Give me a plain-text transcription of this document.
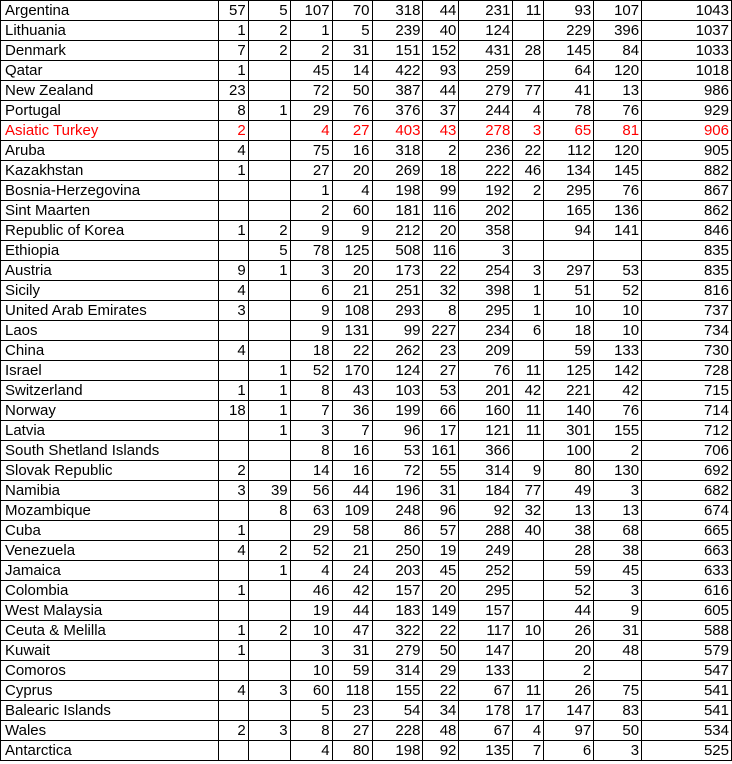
Argentina	57	5	107	70	318	44	231	11	93	107	1043
Lithuania	1	2	1	5	239	40	124		229	396	1037
Denmark	7	2	2	31	151	152	431	28	145	84	1033
Qatar	1		45	14	422	93	259		64	120	1018
New Zealand	23		72	50	387	44	279	77	41	13	986
Portugal	8	1	29	76	376	37	244	4	78	76	929
Asiatic Turkey	2		4	27	403	43	278	3	65	81	906
Aruba	4		75	16	318	2	236	22	112	120	905
Kazakhstan	1		27	20	269	18	222	46	134	145	882
Bosnia-Herzegovina			1	4	198	99	192	2	295	76	867
Sint Maarten			2	60	181	116	202		165	136	862
Republic of Korea	1	2	9	9	212	20	358		94	141	846
Ethiopia		5	78	125	508	116	3				835
Austria	9	1	3	20	173	22	254	3	297	53	835
Sicily	4		6	21	251	32	398	1	51	52	816
United Arab Emirates	3		9	108	293	8	295	1	10	10	737
Laos			9	131	99	227	234	6	18	10	734
China	4		18	22	262	23	209		59	133	730
Israel		1	52	170	124	27	76	11	125	142	728
Switzerland	1	1	8	43	103	53	201	42	221	42	715
Norway	18	1	7	36	199	66	160	11	140	76	714
Latvia		1	3	7	96	17	121	11	301	155	712
South Shetland Islands			8	16	53	161	366		100	2	706
Slovak Republic	2		14	16	72	55	314	9	80	130	692
Namibia	3	39	56	44	196	31	184	77	49	3	682
Mozambique		8	63	109	248	96	92	32	13	13	674
Cuba	1		29	58	86	57	288	40	38	68	665
Venezuela	4	2	52	21	250	19	249		28	38	663
Jamaica		1	4	24	203	45	252		59	45	633
Colombia	1		46	42	157	20	295		52	3	616
West Malaysia			19	44	183	149	157		44	9	605
Ceuta & Melilla	1	2	10	47	322	22	117	10	26	31	588
Kuwait	1		3	31	279	50	147		20	48	579
Comoros			10	59	314	29	133		2		547
Cyprus	4	3	60	118	155	22	67	11	26	75	541
Balearic Islands			5	23	54	34	178	17	147	83	541
Wales	2	3	8	27	228	48	67	4	97	50	534
Antarctica			4	80	198	92	135	7	6	3	525
